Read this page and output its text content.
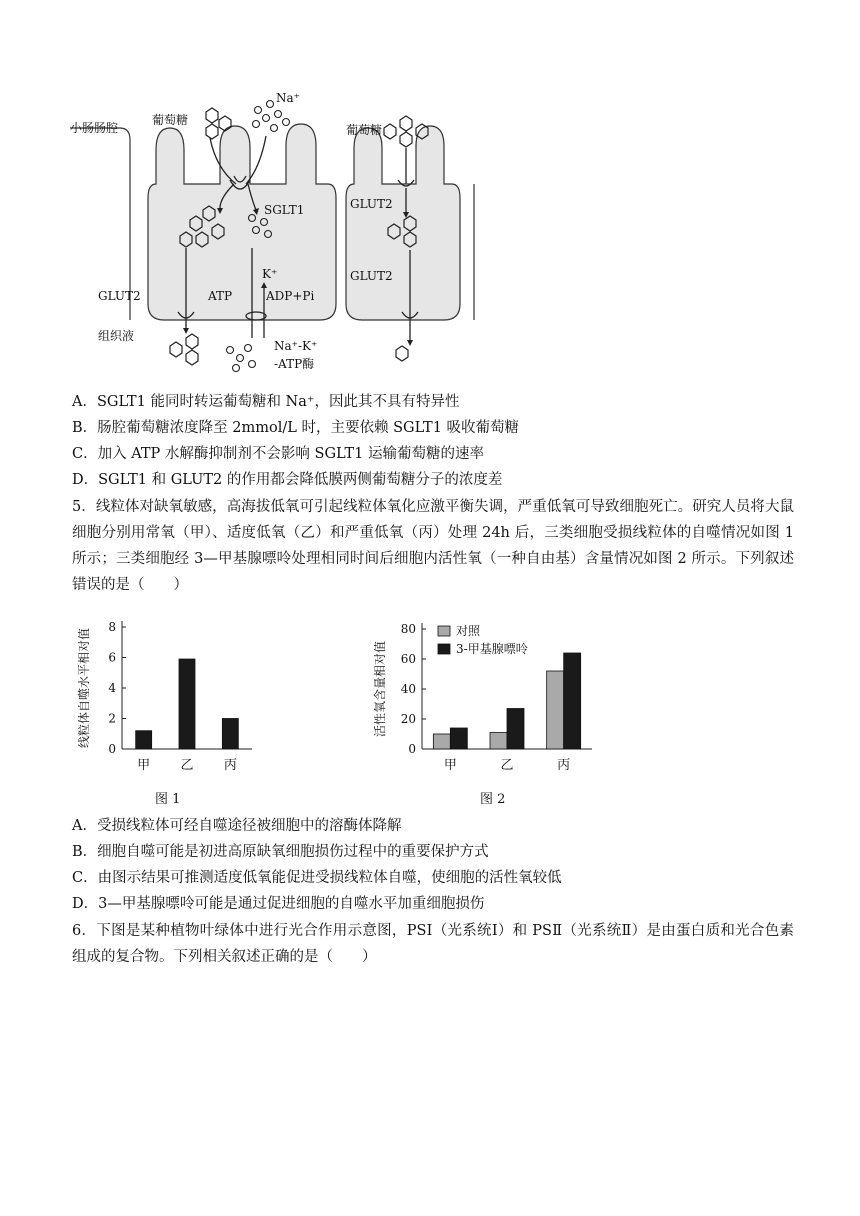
小肠肠腔
葡萄糖
葡萄糖
Na⁺
SGLT1	GLUT2
GLUT2
GLUT2
K⁺
ATP	ADP+Pi
Na⁺-K⁺
-ATP酶
组织液
A．SGLT1 能同时转运葡萄糖和 Na⁺，因此其不具有特异性
B．肠腔葡萄糖浓度降至 2mmol/L 时，主要依赖 SGLT1 吸收葡萄糖
C．加入 ATP 水解酶抑制剂不会影响 SGLT1 运输葡萄糖的速率
D．SGLT1 和 GLUT2 的作用都会降低膜两侧葡萄糖分子的浓度差
5．线粒体对缺氧敏感，高海拔低氧可引起线粒体氧化应激平衡失调，严重低氧可导致细胞死亡。研究人员将大鼠细胞分别用常氧（甲）、适度低氧（乙）和严重低氧（丙）处理 24h 后，三类细胞受损线粒体的自噬情况如图 1 所示；三类细胞经 3—甲基腺嘌呤处理相同时间后细胞内活性氧（一种自由基）含量情况如图 2 所示。下列叙述错误的是（　　）
0
2
4
6
8
线粒体自噬水平相对值
甲 乙 丙
图 1
0
20
40
60
80
活性氧含量相对值
甲	乙	丙
对照
3-甲基腺嘌呤
图 2
A．受损线粒体可经自噬途径被细胞中的溶酶体降解
B．细胞自噬可能是初进高原缺氧细胞损伤过程中的重要保护方式
C．由图示结果可推测适度低氧能促进受损线粒体自噬，使细胞的活性氧较低
D．3—甲基腺嘌呤可能是通过促进细胞的自噬水平加重细胞损伤
6．下图是某种植物叶绿体中进行光合作用示意图，PSⅠ（光系统Ⅰ）和 PSⅡ（光系统Ⅱ）是由蛋白质和光合色素组成的复合物。下列相关叙述正确的是（　　）
